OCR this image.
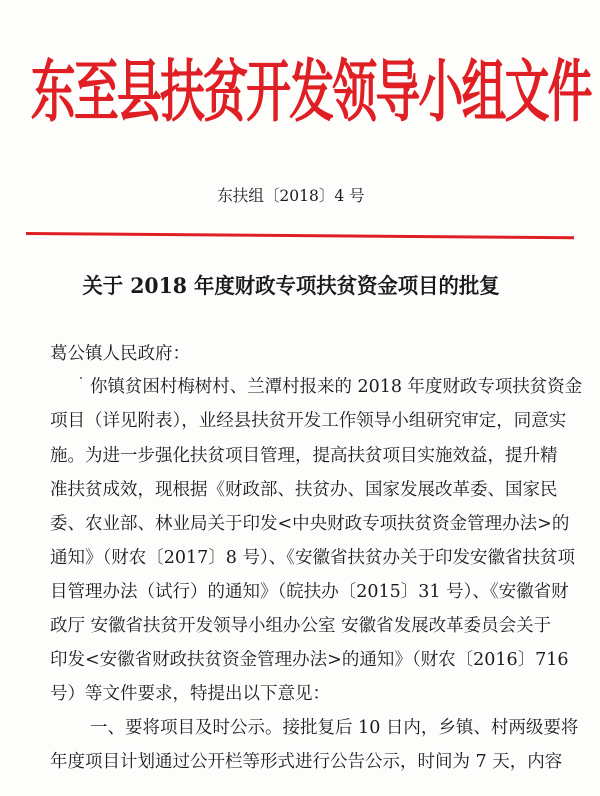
东至县扶贫开发领导小组文件
东扶组〔2018〕4 号
关于 2018 年度财政专项扶贫资金项目的批复
葛公镇人民政府：
你镇贫困村梅树村、兰潭村报来的 2018 年度财政专项扶贫资金
项目（详见附表），业经县扶贫开发工作领导小组研究审定，同意实
施。为进一步强化扶贫项目管理，提高扶贫项目实施效益，提升精
准扶贫成效，现根据《财政部、扶贫办、国家发展改革委、国家民
委、农业部、林业局关于印发<中央财政专项扶贫资金管理办法>的
通知》（财农〔2017〕8 号）、《安徽省扶贫办关于印发安徽省扶贫项
目管理办法（试行）的通知》（皖扶办〔2015〕31 号）、《安徽省财
政厅 安徽省扶贫开发领导小组办公室 安徽省发展改革委员会关于
印发<安徽省财政扶贫资金管理办法>的通知》（财农〔2016〕716
号）等文件要求，特提出以下意见：
一、要将项目及时公示。接批复后 10 日内，乡镇、村两级要将
年度项目计划通过公开栏等形式进行公告公示，时间为 7 天，内容
